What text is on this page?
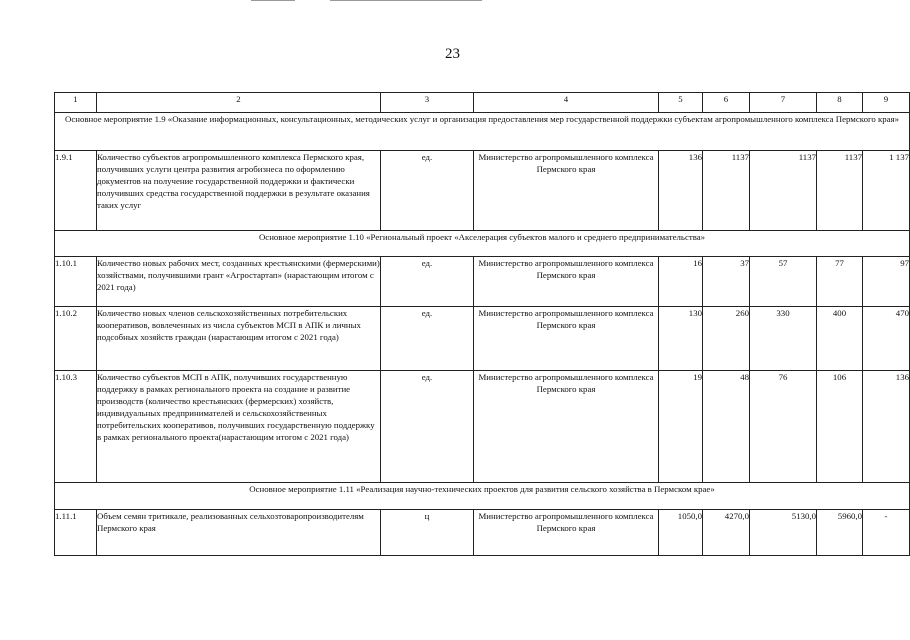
23
1	2	3	4	5	6	7	8	9
Основное мероприятие 1.9 «Оказание информационных, консультационных, методических услуг и организация предоставления мер государственной поддержки субъектам агропромышленного комплекса Пермского края»								
1.9.1	Количество субъектов агропромышленного комплекса Пермского края, получивших услуги центра развития агробизнеса по оформлению документов на получение государственной поддержки и фактически получивших средства государственной поддержки в результате оказания таких услуг	ед.	Министерство агропромышленного комплекса Пермского края	136	1137	1137	1137	1 137
Основное мероприятие 1.10 «Региональный проект «Акселерация субъектов малого и среднего предпринимательства»								
1.10.1	Количество новых рабочих мест, созданных крестьянскими (фермерскими) хозяйствами, получившими грант «Агростартап» (нарастающим итогом с 2021 года)	ед.	Министерство агропромышленного комплекса Пермского края	16	37	57	77	97
1.10.2	Количество новых членов сельскохозяйственных потребительских кооперативов, вовлеченных из числа субъектов МСП в АПК и личных подсобных хозяйств граждан (нарастающим итогом с 2021 года)	ед.	Министерство агропромышленного комплекса Пермского края	130	260	330	400	470
1.10.3	Количество субъектов МСП в АПК, получивших государственную поддержку в рамках регионального проекта на создание и развитие производств (количество крестьянских (фермерских) хозяйств, индивидуальных предпринимателей и сельскохозяйственных потребительских кооперативов, получивших государственную поддержку в рамках регионального проекта(нарастающим итогом с 2021 года)	ед.	Министерство агропромышленного комплекса Пермского края	19	48	76	106	136
Основное мероприятие 1.11 «Реализация научно-технических проектов для развития сельского хозяйства в Пермском крае»								
1.11.1	Объем семян тритикале, реализованных сельхозтоваропроизводителям Пермского края	ц	Министерство агропромышленного комплекса Пермского края	1050,0	4270,0	5130,0	5960,0	-
